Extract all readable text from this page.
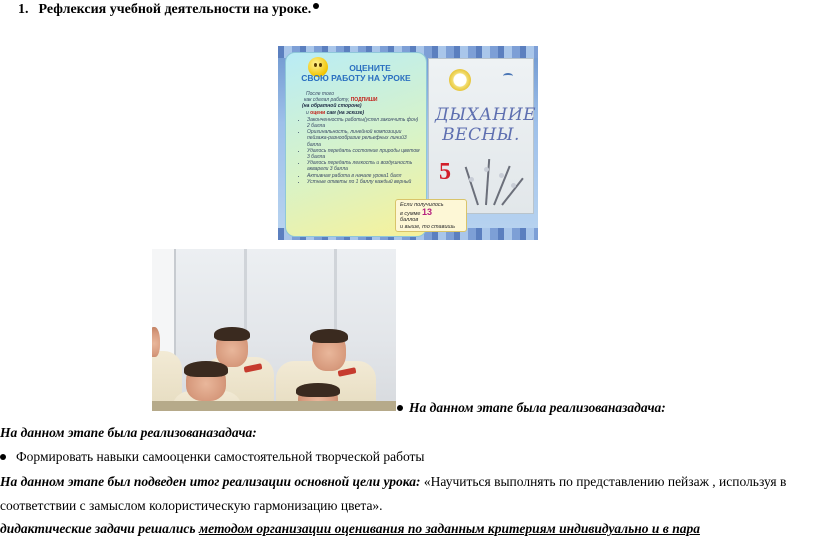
1. Рефлексия учебной деятельности на уроке.
ОЦЕНИТЕ
СВОЮ РАБОТУ НА УРОКЕ
После того
как сделал работу, ПОДПИШИ
(на обратной стороне)
и оцени сам (на эскизе)
• Законченность работы(успел закончить фон) 2 балла
• Оригинальность, линейной композиции пейзажа-разнообразие рельефных линий3 балла
• Удалось передать состояние природы цветом 3 балла
• Удалось передать легкость и воздушность акварели 3 балла
• Активная работа в начале урока1 балл
• Устные ответы по 1 баллу каждый верный
ДЫХАНИЕ
ВЕСНЫ.
5
Если получилось
в сумме 13
баллов
и выше, то ставишь
На данном этапе была реализованазадача:
На данном этапе была реализованазадача:
Формировать навыки самооценки самостоятельной творческой работы
На данном этапе был подведен итог реализации основной цели урока: «Научиться выполнять по представлению пейзаж , используя в
соответствии с замыслом колористическую гармонизацию цвета».
дидактические задачи решались методом организации оценивания по заданным критериям индивидуально и в пара
